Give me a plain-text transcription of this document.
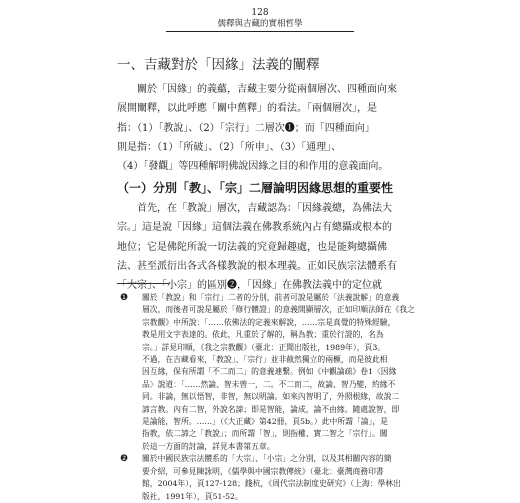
128
儒釋與吉藏的實相哲學
一、吉藏對於「因緣」法義的闡釋

關於「因緣」的義蘊，吉藏主要分從兩個層次、四種面向來

展開闡釋，以此呼應「關中舊釋」的看法。「兩個層次」，是

指：（1）「教說」、（2）「宗行」二層次❶；而「四種面向」

則是指：（1）「所破」、（2）「所申」、（3）「通理」、

（4）「發觀」等四種解明佛說因緣之目的和作用的意義面向。

（一）分別「教」、「宗」二層論明因緣思想的重要性

首先，在「教說」層次，吉藏認為：「因緣義總，為佛法大

宗。」這是說「因緣」這個法義在佛教系統內占有總攝或根本的

地位；它是佛陀所說一切法義的究竟歸趣處，也是能夠總攝佛

法、甚至派衍出各式各樣教說的根本理義。正如民族宗法體系有

「大宗」、「小宗」的區別❷，「因緣」在佛教法義中的定位就

❶ 關於「教說」和「宗行」二者的分別，前者可說是屬於「法義說解」的意義

層次，而後者可說是屬於「修行體證」的意義開顯層次，正如印順法師在《我之

宗教觀》中所說：「……依佛法的定義來解說，……宗是真覺的特殊經驗，

教是用文字表達的。依此，凡重於了解的，稱為教；重於行證的，名為

宗。」詳見印順，《我之宗教觀》（臺北：正聞出版社，1989年），頁3。

不過，在吉藏看來，「教說」、「宗行」並非截然獨立的兩橛，而是彼此相

因互緣，保有所謂「不二而二」的意義連繫。例如《中觀論疏》卷1〈因緣

品〉說道：「……然論、智未曾一，二。不二而二，故論、智乃變，約緣不

同。非論，無以悟智，非智，無以明論。如來內智明了，外照根緣，故說二

諦言教。內有二智，外說名諦；即是智能，論成，論不由緣。隨處說智，即

是論能，智所。……」（《大正藏》第42冊，頁5b。）此中所謂「論」，是

指教，依二諦之「教說」；而所謂「智」，則指權、實二智之「宗行」。關

於這一方面的討論，詳見本書第五章。

❷ 關於中國民族宗法體系的「大宗」、「小宗」之分別，以及其相關內容的簡

要介紹，可參見陳詠明，《儒學與中國宗教傳統》（臺北：臺灣商務印書

館，2004年），頁127-128；錢杭，《周代宗法制度史研究》（上海：學林出

版社，1991年），頁51-52。
